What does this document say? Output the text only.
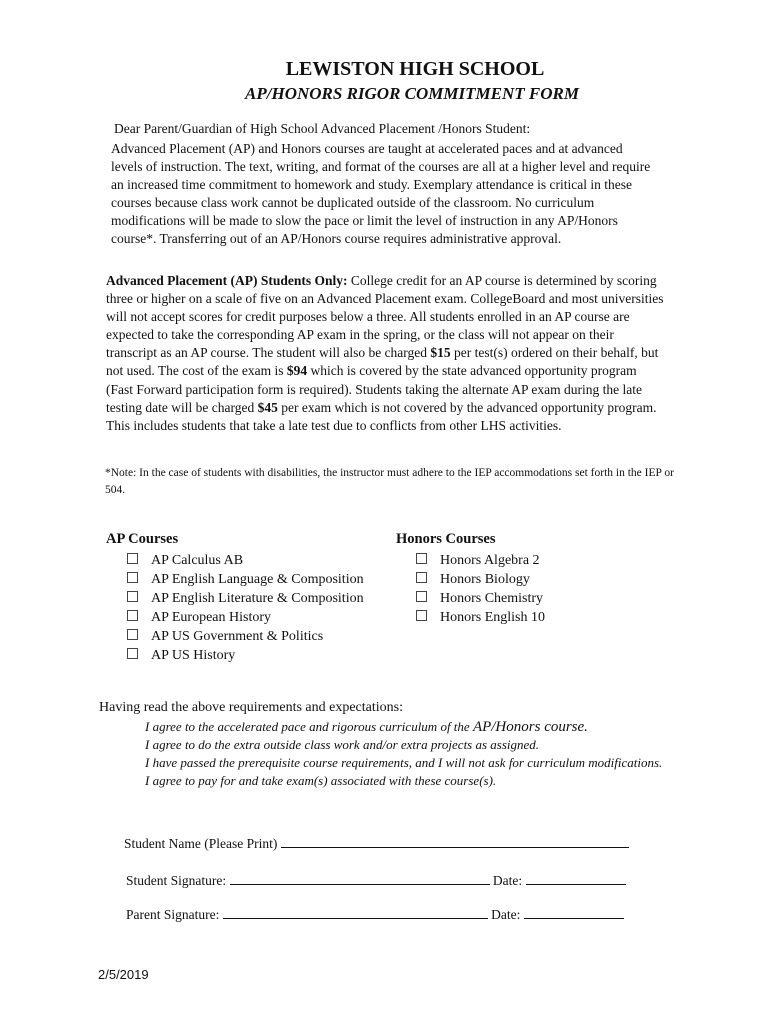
LEWISTON HIGH SCHOOL
AP/HONORS RIGOR COMMITMENT FORM
Dear Parent/Guardian of High School Advanced Placement /Honors Student:
Advanced Placement (AP) and Honors courses are taught at accelerated paces and at advanced levels of instruction. The text, writing, and format of the courses are all at a higher level and require an increased time commitment to homework and study. Exemplary attendance is critical in these courses because class work cannot be duplicated outside of the classroom. No curriculum modifications will be made to slow the pace or limit the level of instruction in any AP/Honors course*. Transferring out of an AP/Honors course requires administrative approval.
Advanced Placement (AP) Students Only: College credit for an AP course is determined by scoring three or higher on a scale of five on an Advanced Placement exam. CollegeBoard and most universities will not accept scores for credit purposes below a three. All students enrolled in an AP course are expected to take the corresponding AP exam in the spring, or the class will not appear on their transcript as an AP course. The student will also be charged $15 per test(s) ordered on their behalf, but not used. The cost of the exam is $94 which is covered by the state advanced opportunity program (Fast Forward participation form is required). Students taking the alternate AP exam during the late testing date will be charged $45 per exam which is not covered by the advanced opportunity program. This includes students that take a late test due to conflicts from other LHS activities.
*Note: In the case of students with disabilities, the instructor must adhere to the IEP accommodations set forth in the IEP or 504.
AP Courses
AP Calculus AB
AP English Language & Composition
AP English Literature & Composition
AP European History
AP US Government & Politics
AP US History
Honors Courses
Honors Algebra 2
Honors Biology
Honors Chemistry
Honors English 10
Having read the above requirements and expectations:
I agree to the accelerated pace and rigorous curriculum of the AP/Honors course.
I agree to do the extra outside class work and/or extra projects as assigned.
I have passed the prerequisite course requirements, and I will not ask for curriculum modifications.
I agree to pay for and take exam(s) associated with these course(s).
Student Name (Please Print)
Student Signature:	Date:
Parent Signature:	Date:
2/5/2019
